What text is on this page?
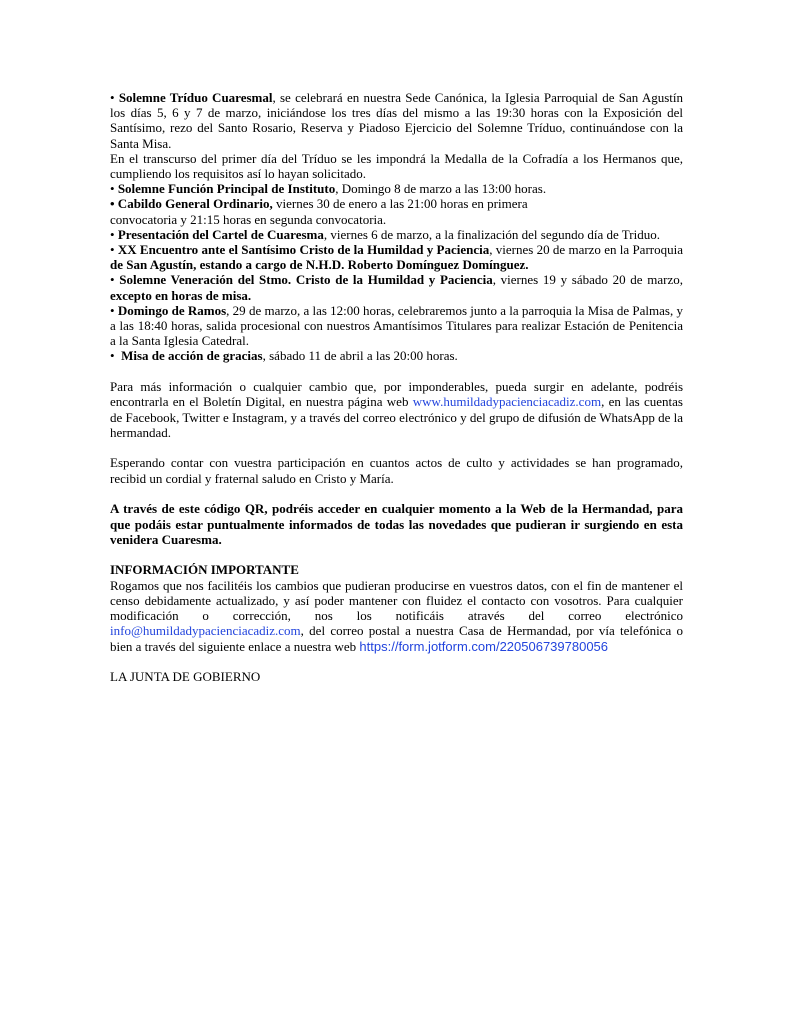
• Solemne Tríduo Cuaresmal, se celebrará en nuestra Sede Canónica, la Iglesia Parroquial de San Agustín los días 5, 6 y 7 de marzo, iniciándose los tres días del mismo a las 19:30 horas con la Exposición del Santísimo, rezo del Santo Rosario, Reserva y Piadoso Ejercicio del Solemne Tríduo, continuándose con la Santa Misa.

En el transcurso del primer día del Tríduo se les impondrá la Medalla de la Cofradía a los Hermanos que, cumpliendo los requisitos así lo hayan solicitado.

• Solemne Función Principal de Instituto, Domingo 8 de marzo a las 13:00 horas.

• Cabildo General Ordinario, viernes 30 de enero a las 21:00 horas en primera

convocatoria y 21:15 horas en segunda convocatoria.

• Presentación del Cartel de Cuaresma, viernes 6 de marzo, a la finalización del segundo día de Triduo.

• XX Encuentro ante el Santísimo Cristo de la Humildad y Paciencia, viernes 20 de marzo en la Parroquia de San Agustín, estando a cargo de N.H.D. Roberto Domínguez Domínguez.

• Solemne Veneración del Stmo. Cristo de la Humildad y Paciencia, viernes 19 y sábado 20 de marzo, excepto en horas de misa.

• Domingo de Ramos, 29 de marzo, a las 12:00 horas, celebraremos junto a la parroquia la Misa de Palmas, y a las 18:40 horas, salida procesional con nuestros Amantísimos Titulares para realizar Estación de Penitencia a la Santa Iglesia Catedral.

•  Misa de acción de gracias, sábado 11 de abril a las 20:00 horas.

Para más información o cualquier cambio que, por imponderables, pueda surgir en adelante, podréis encontrarla en el Boletín Digital, en nuestra página web www.humildadypacienciacadiz.com, en las cuentas de Facebook, Twitter e Instagram, y a través del correo electrónico y del grupo de difusión de WhatsApp de la hermandad.

Esperando contar con vuestra participación en cuantos actos de culto y actividades se han programado, recibid un cordial y fraternal saludo en Cristo y María.

A través de este código QR, podréis acceder en cualquier momento a la Web de la Hermandad, para que podáis estar puntualmente informados de todas las novedades que pudieran ir surgiendo en esta venidera Cuaresma.

INFORMACIÓN IMPORTANTE

Rogamos que nos facilitéis los cambios que pudieran producirse en vuestros datos, con el fin de mantener el censo debidamente actualizado, y así poder mantener con fluidez el contacto con vosotros. Para cualquier modificación o corrección, nos los notificáis através del correo electrónico info@humildadypacienciacadiz.com, del correo postal a nuestra Casa de Hermandad, por vía telefónica o bien a través del siguiente enlace a nuestra web https://form.jotform.com/220506739780056

LA JUNTA DE GOBIERNO
